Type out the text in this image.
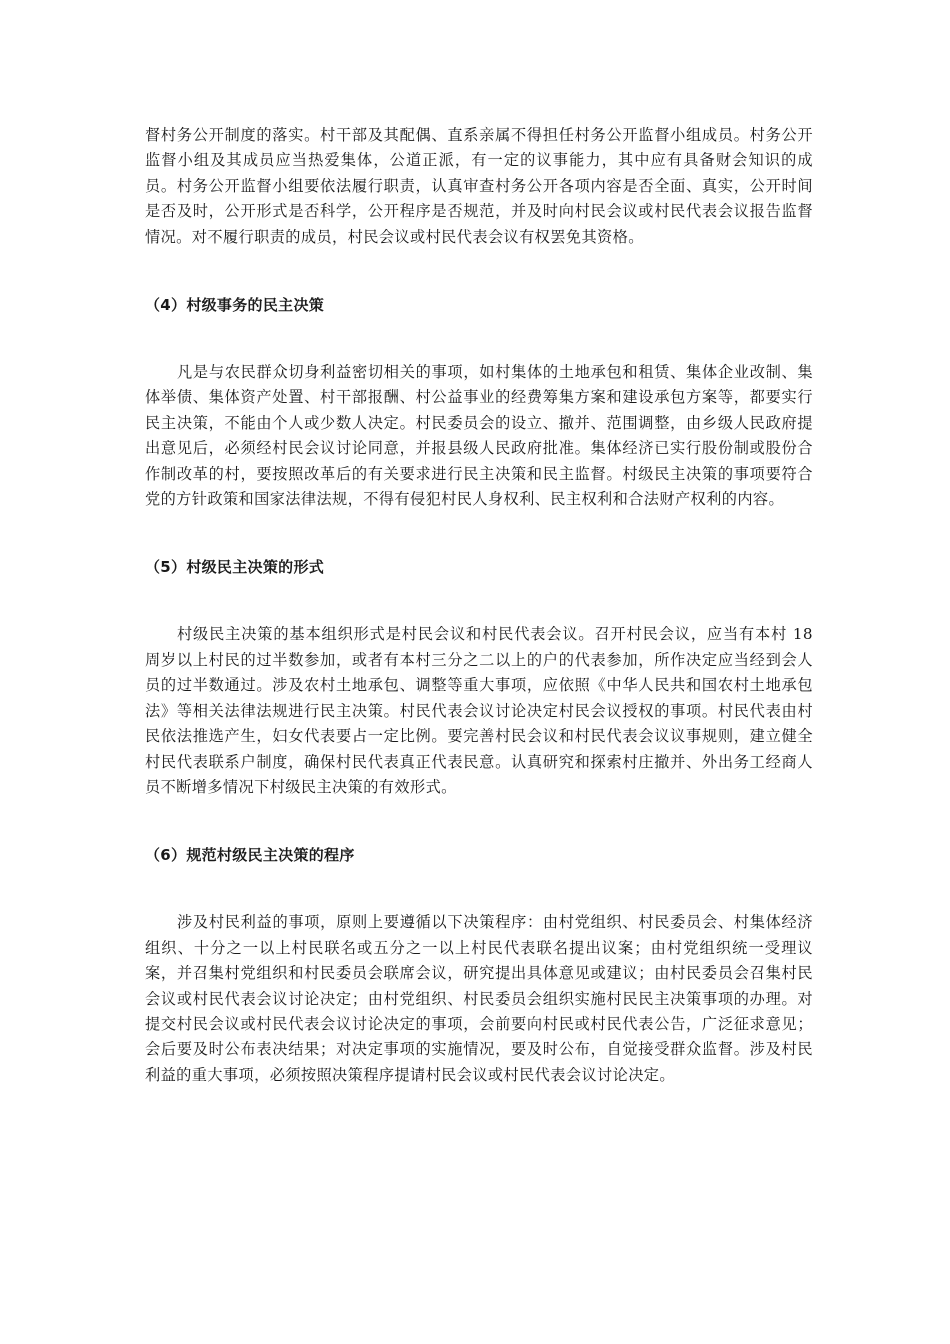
督村务公开制度的落实。村干部及其配偶、直系亲属不得担任村务公开监督小组成员。村务公开监督小组及其成员应当热爱集体，公道正派，有一定的议事能力，其中应有具备财会知识的成员。村务公开监督小组要依法履行职责，认真审查村务公开各项内容是否全面、真实，公开时间是否及时，公开形式是否科学，公开程序是否规范，并及时向村民会议或村民代表会议报告监督情况。对不履行职责的成员，村民会议或村民代表会议有权罢免其资格。

（4）村级事务的民主决策

凡是与农民群众切身利益密切相关的事项，如村集体的土地承包和租赁、集体企业改制、集体举债、集体资产处置、村干部报酬、村公益事业的经费筹集方案和建设承包方案等，都要实行民主决策，不能由个人或少数人决定。村民委员会的设立、撤并、范围调整，由乡级人民政府提出意见后，必须经村民会议讨论同意，并报县级人民政府批准。集体经济已实行股份制或股份合作制改革的村，要按照改革后的有关要求进行民主决策和民主监督。村级民主决策的事项要符合党的方针政策和国家法律法规，不得有侵犯村民人身权利、民主权利和合法财产权利的内容。

（5）村级民主决策的形式

村级民主决策的基本组织形式是村民会议和村民代表会议。召开村民会议，应当有本村 18 周岁以上村民的过半数参加，或者有本村三分之二以上的户的代表参加，所作决定应当经到会人员的过半数通过。涉及农村土地承包、调整等重大事项，应依照《中华人民共和国农村土地承包法》等相关法律法规进行民主决策。村民代表会议讨论决定村民会议授权的事项。村民代表由村民依法推选产生，妇女代表要占一定比例。要完善村民会议和村民代表会议议事规则，建立健全村民代表联系户制度，确保村民代表真正代表民意。认真研究和探索村庄撤并、外出务工经商人员不断增多情况下村级民主决策的有效形式。

（6）规范村级民主决策的程序

涉及村民利益的事项，原则上要遵循以下决策程序：由村党组织、村民委员会、村集体经济组织、十分之一以上村民联名或五分之一以上村民代表联名提出议案；由村党组织统一受理议案，并召集村党组织和村民委员会联席会议，研究提出具体意见或建议；由村民委员会召集村民会议或村民代表会议讨论决定；由村党组织、村民委员会组织实施村民民主决策事项的办理。对提交村民会议或村民代表会议讨论决定的事项，会前要向村民或村民代表公告，广泛征求意见；会后要及时公布表决结果；对决定事项的实施情况，要及时公布，自觉接受群众监督。涉及村民利益的重大事项，必须按照决策程序提请村民会议或村民代表会议讨论决定。
